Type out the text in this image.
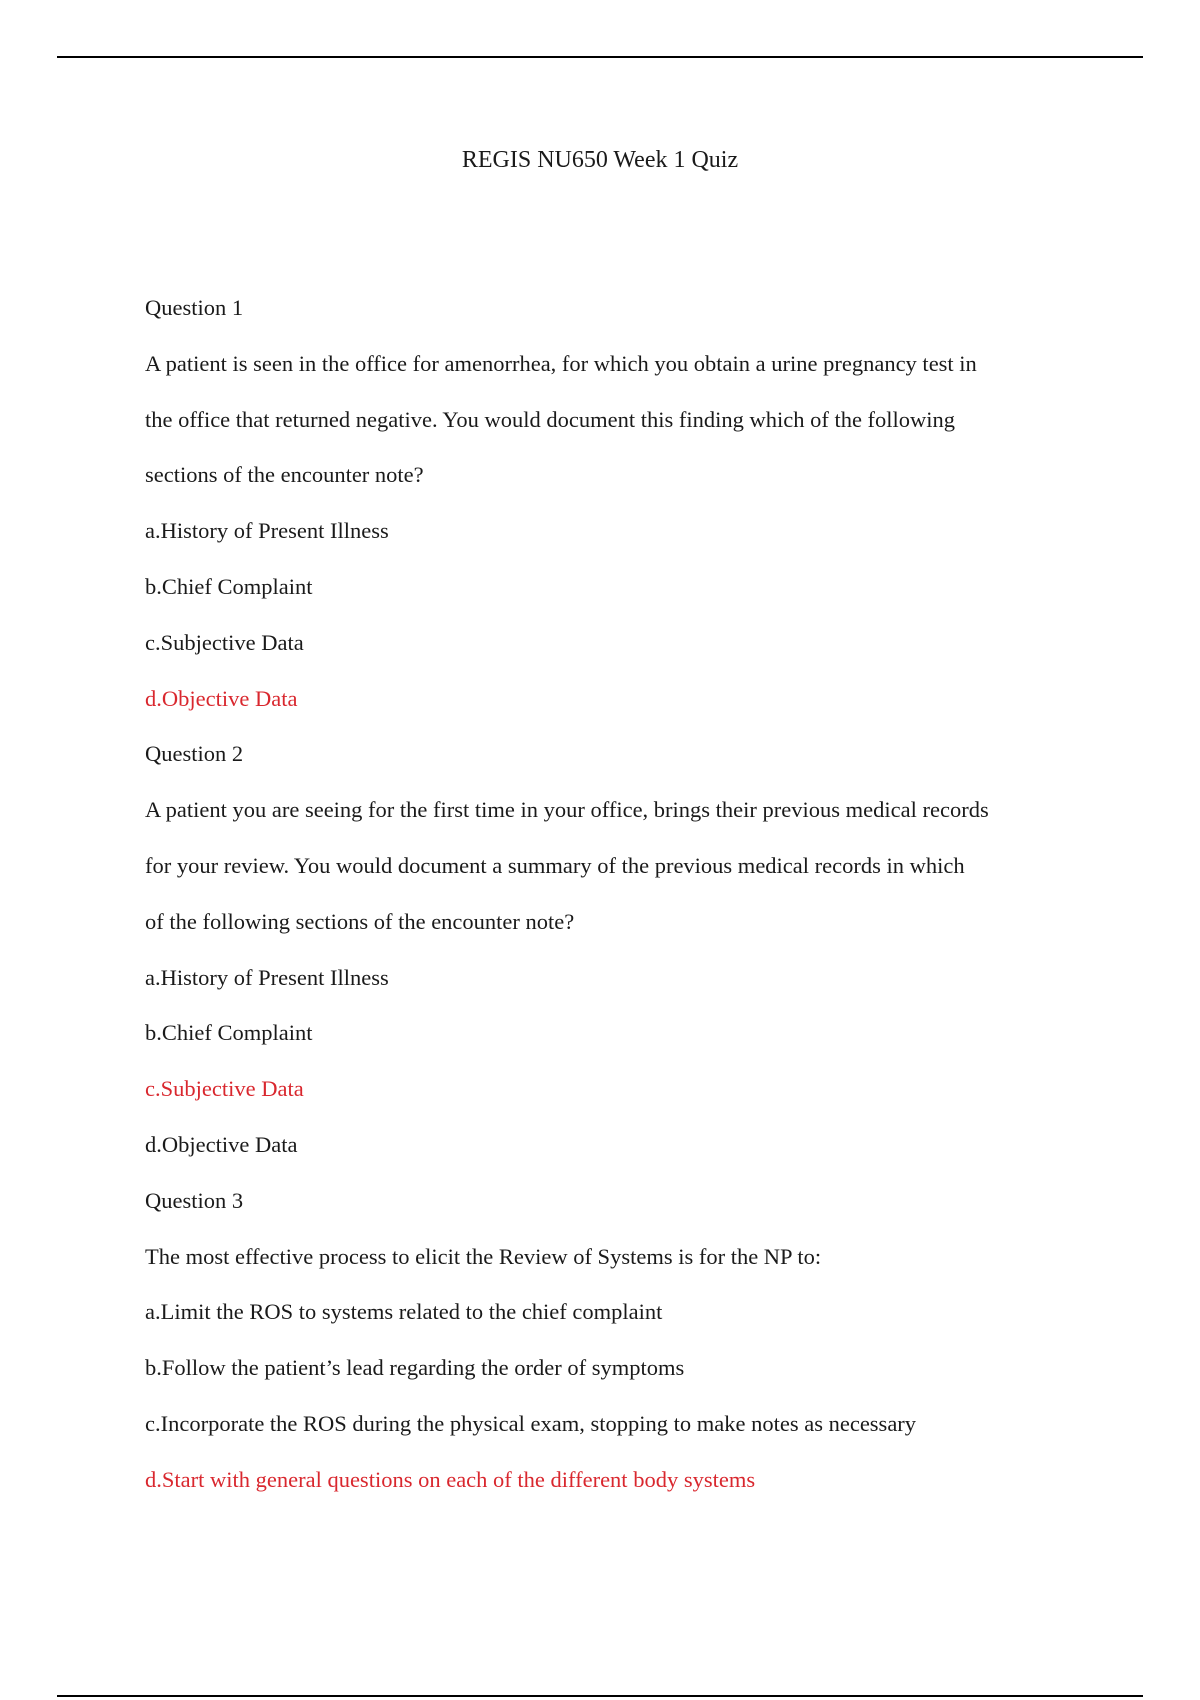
REGIS NU650 Week 1 Quiz
Question 1
A patient is seen in the office for amenorrhea, for which you obtain a urine pregnancy test in
the office that returned negative. You would document this finding which of the following
sections of the encounter note?
a.History of Present Illness
b.Chief Complaint
c.Subjective Data
d.Objective Data
Question 2
A patient you are seeing for the first time in your office, brings their previous medical records
for your review. You would document a summary of the previous medical records in which
of the following sections of the encounter note?
a.History of Present Illness
b.Chief Complaint
c.Subjective Data
d.Objective Data
Question 3
The most effective process to elicit the Review of Systems is for the NP to:
a.Limit the ROS to systems related to the chief complaint
b.Follow the patient’s lead regarding the order of symptoms
c.Incorporate the ROS during the physical exam, stopping to make notes as necessary
d.Start with general questions on each of the different body systems
